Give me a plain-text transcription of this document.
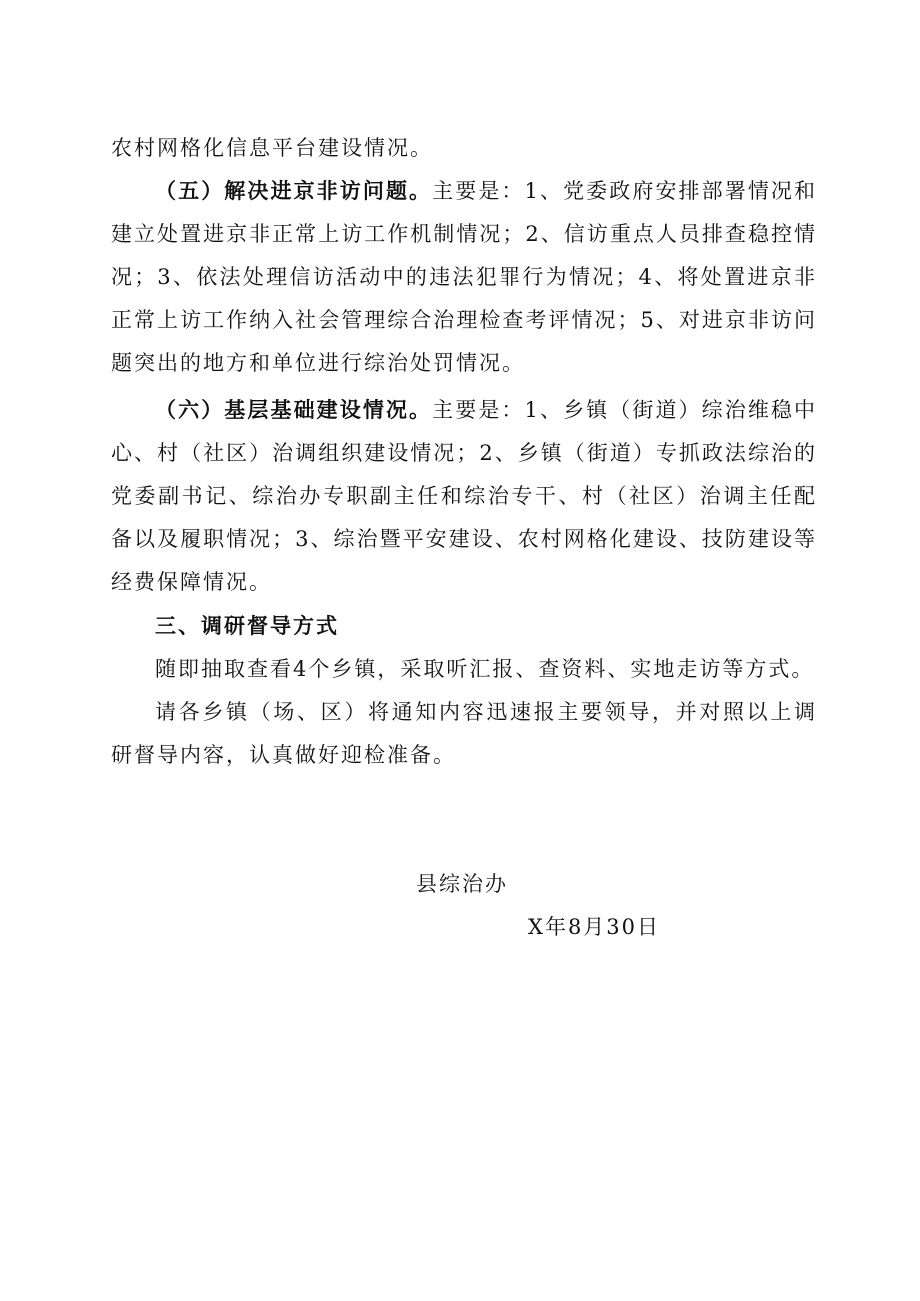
农村网格化信息平台建设情况。

（五）解决进京非访问题。主要是：1、党委政府安排部署情况和建立处置进京非正常上访工作机制情况；2、信访重点人员排查稳控情况；3、依法处理信访活动中的违法犯罪行为情况；4、将处置进京非正常上访工作纳入社会管理综合治理检查考评情况；5、对进京非访问题突出的地方和单位进行综治处罚情况。

（六）基层基础建设情况。主要是：1、乡镇（街道）综治维稳中心、村（社区）治调组织建设情况；2、乡镇（街道）专抓政法综治的党委副书记、综治办专职副主任和综治专干、村（社区）治调主任配备以及履职情况；3、综治暨平安建设、农村网格化建设、技防建设等经费保障情况。

三、调研督导方式

随即抽取查看4个乡镇，采取听汇报、查资料、实地走访等方式。

请各乡镇（场、区）将通知内容迅速报主要领导，并对照以上调研督导内容，认真做好迎检准备。

县综治办

X年8月30日
